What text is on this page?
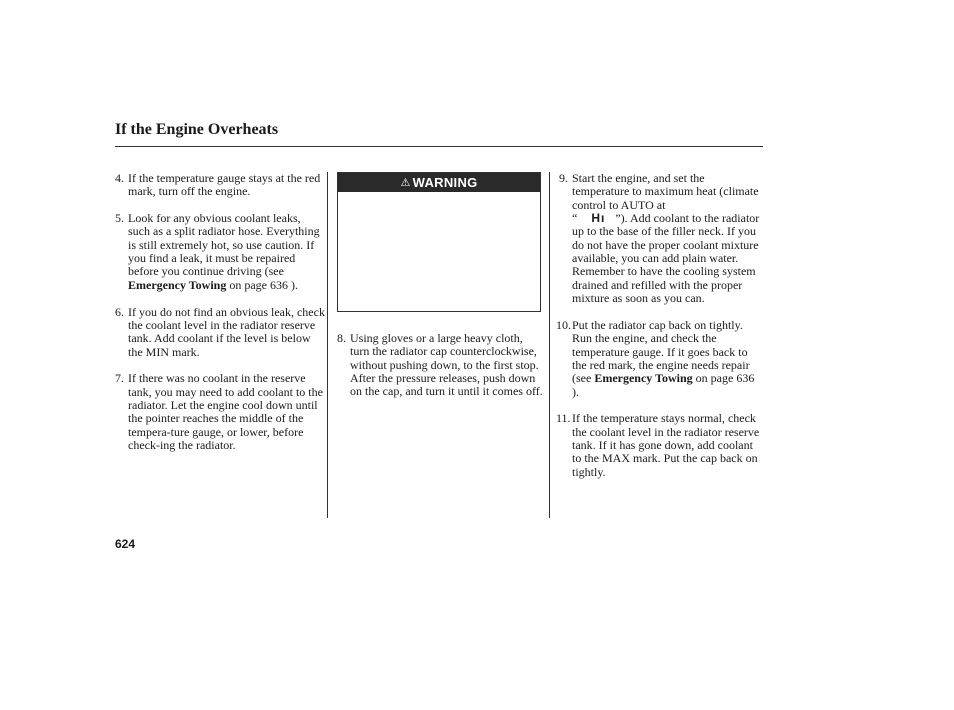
If the Engine Overheats

4. If the temperature gauge stays at the red mark, turn off the engine.

5. Look for any obvious coolant leaks, such as a split radiator hose. Everything is still extremely hot, so use caution. If you find a leak, it must be repaired before you continue driving (see Emergency Towing on page 636 ).

6. If you do not find an obvious leak, check the coolant level in the radiator reserve tank. Add coolant if the level is below the MIN mark.

7. If there was no coolant in the reserve tank, you may need to add coolant to the radiator. Let the engine cool down until the pointer reaches the middle of the tempera-ture gauge, or lower, before check-ing the radiator.

⚠ WARNING

8. Using gloves or a large heavy cloth, turn the radiator cap counterclockwise, without pushing down, to the first stop. After the pressure releases, push down on the cap, and turn it until it comes off.

9. Start the engine, and set the temperature to maximum heat (climate control to AUTO at
“ Hı ”). Add coolant to the radiator up to the base of the filler neck. If you do not have the proper coolant mixture available, you can add plain water. Remember to have the cooling system drained and refilled with the proper mixture as soon as you can.

10. Put the radiator cap back on tightly. Run the engine, and check the temperature gauge. If it goes back to the red mark, the engine needs repair (see Emergency Towing on page 636 ).

11. If the temperature stays normal, check the coolant level in the radiator reserve tank. If it has gone down, add coolant to the MAX mark. Put the cap back on tightly.

624
